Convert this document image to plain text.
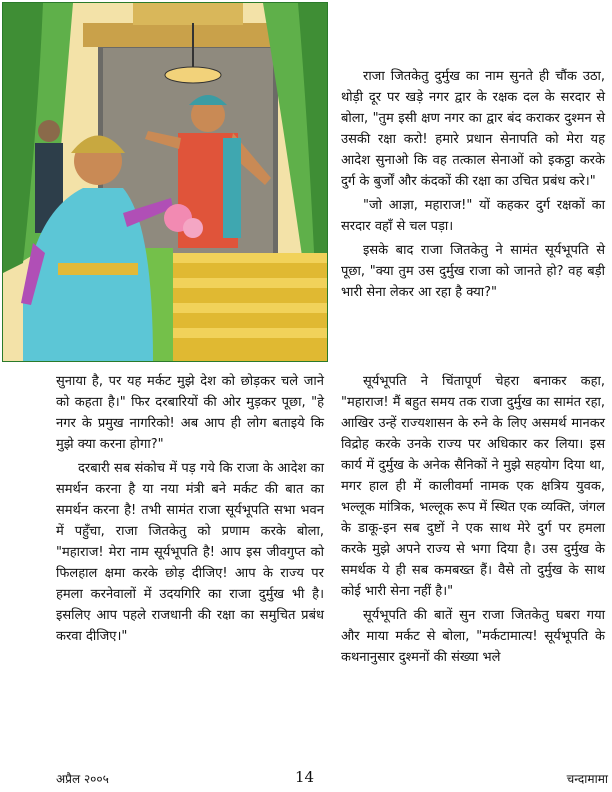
राजा जितकेतु दुर्मुख का नाम सुनते ही चौंक उठा, थोड़ी दूर पर खड़े नगर द्वार के रक्षक दल के सरदार से बोला, "तुम इसी क्षण नगर का द्वार बंद कराकर दुश्मन से उसकी रक्षा करो! हमारे प्रधान सेनापति को मेरा यह आदेश सुनाओ कि वह तत्काल सेनाओं को इकट्ठा करके दुर्ग के बुर्जों और कंदकों की रक्षा का उचित प्रबंध करे।"

"जो आज्ञा, महाराज!" यों कहकर दुर्ग रक्षकों का सरदार वहाँ से चल पड़ा।

इसके बाद राजा जितकेतु ने सामंत सूर्यभूपति से पूछा, "क्या तुम उस दुर्मुख राजा को जानते हो? वह बड़ी भारी सेना लेकर आ रहा है क्या?"

सुनाया है, पर यह मर्कट मुझे देश को छोड़कर चले जाने को कहता है।" फिर दरबारियों की ओर मुड़कर पूछा, "हे नगर के प्रमुख नागरिको! अब आप ही लोग बताइये कि मुझे क्या करना होगा?"

दरबारी सब संकोच में पड़ गये कि राजा के आदेश का समर्थन करना है या नया मंत्री बने मर्कट की बात का समर्थन करना है! तभी सामंत राजा सूर्यभूपति सभा भवन में पहुँचा, राजा जितकेतु को प्रणाम करके बोला, "महाराज! मेरा नाम सूर्यभूपति है! आप इस जीवगुप्त को फिलहाल क्षमा करके छोड़ दीजिए! आप के राज्य पर हमला करनेवालों में उदयगिरि का राजा दुर्मुख भी है। इसलिए आप पहले राजधानी की रक्षा का समुचित प्रबंध करवा दीजिए।"

सूर्यभूपति ने चिंतापूर्ण चेहरा बनाकर कहा, "महाराज! मैं बहुत समय तक राजा दुर्मुख का सामंत रहा, आखिर उन्हें राज्यशासन के रुने के लिए असमर्थ मानकर विद्रोह करके उनके राज्य पर अधिकार कर लिया। इस कार्य में दुर्मुख के अनेक सैनिकों ने मुझे सहयोग दिया था, मगर हाल ही में कालीवर्मा नामक एक क्षत्रिय युवक, भल्लूक मांत्रिक, भल्लूक रूप में स्थित एक व्यक्ति, जंगल के डाकू-इन सब दुष्टों ने एक साथ मेरे दुर्ग पर हमला करके मुझे अपने राज्य से भगा दिया है। उस दुर्मुख के समर्थक ये ही सब कमबख्त हैं। वैसे तो दुर्मुख के साथ कोई भारी सेना नहीं है।"

सूर्यभूपति की बातें सुन राजा जितकेतु घबरा गया और माया मर्कट से बोला, "मर्कटामात्य! सूर्यभूपति के कथनानुसार दुश्मनों की संख्या भले

अप्रैल २००५	14	चन्दामामा
